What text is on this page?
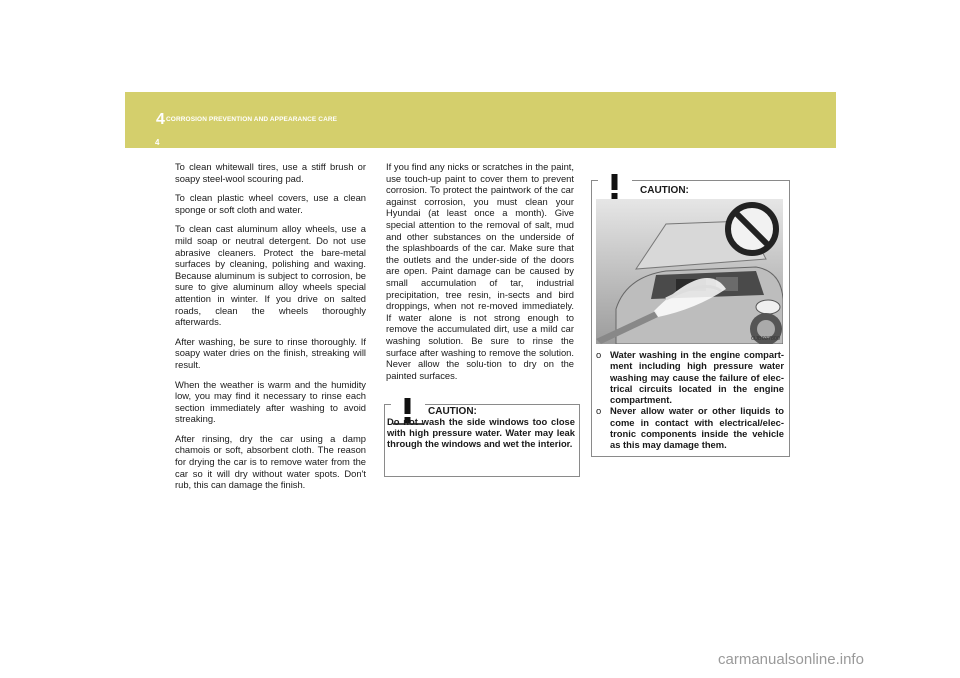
4 CORROSION PREVENTION AND APPEARANCE CARE
4

To clean whitewall tires, use a stiff brush or soapy steel-wool scouring pad.

To clean plastic wheel covers, use a clean sponge or soft cloth and water.

To clean cast aluminum alloy wheels, use a mild soap or neutral detergent. Do not use abrasive cleaners. Protect the bare-metal surfaces by cleaning, polishing and waxing. Because aluminum is subject to corrosion, be sure to give aluminum alloy wheels special attention in winter. If you drive on salted roads, clean the wheels thoroughly afterwards.

After washing, be sure to rinse thoroughly. If soapy water dries on the finish, streaking will result.

When the weather is warm and the humidity low, you may find it necessary to rinse each section immediately after washing to avoid streaking.

After rinsing, dry the car using a damp chamois or soft, absorbent cloth. The reason for drying the car is to remove water from the car so it will dry without water spots. Don't rub, this can damage the finish.

If you find any nicks or scratches in the paint, use touch-up paint to cover them to prevent corrosion. To protect the paintwork of the car against corrosion, you must clean your Hyundai (at least once a month). Give special attention to the removal of salt, mud and other substances on the underside of the splashboards of the car. Make sure that the outlets and the under-side of the doors are open. Paint damage can be caused by small accumulation of tar, industrial precipitation, tree resin, in-sects and bird droppings, when not re-moved immediately. If water alone is not strong enough to remove the accumulated dirt, use a mild car washing solution. Be sure to rinse the surface after washing to remove the solution. Never allow the solu-tion to dry on the painted surfaces.

CAUTION:
Do not wash the side windows too close with high pressure water. Water may leak through the windows and wet the interior.
CAUTION:
OJB037800
o Water washing in the engine compart-ment including high pressure water washing may cause the failure of elec-trical circuits located in the engine compartment.
o Never allow water or other liquids to come in contact with electrical/elec-tronic components inside the vehicle as this may damage them.
carmanualsonline.info
